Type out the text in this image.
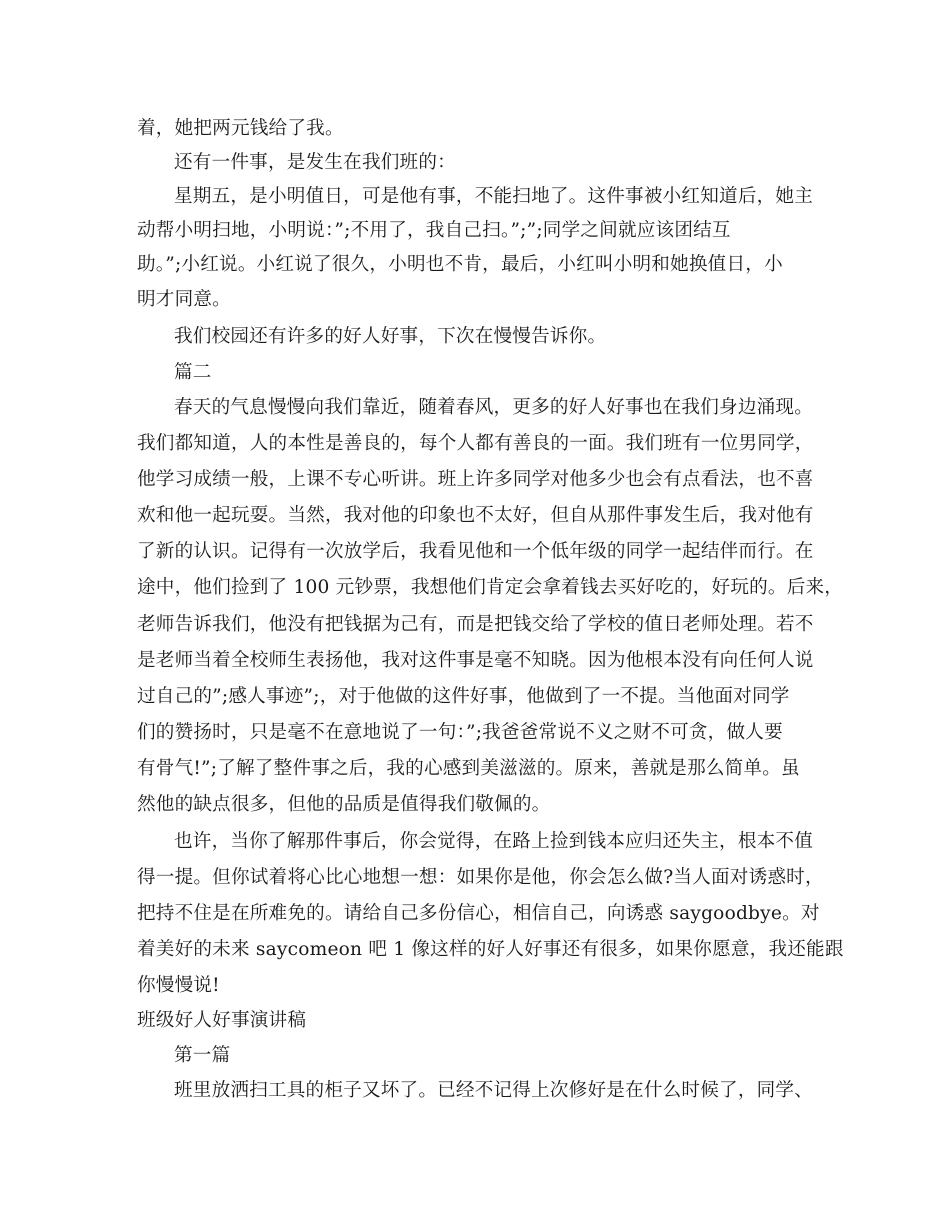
着，她把两元钱给了我。
还有一件事，是发生在我们班的：
星期五，是小明值日，可是他有事，不能扫地了。这件事被小红知道后，她主
动帮小明扫地，小明说：”;不用了，我自己扫。”;”;同学之间就应该团结互
助。”;小红说。小红说了很久，小明也不肯，最后，小红叫小明和她换值日，小
明才同意。
我们校园还有许多的好人好事，下次在慢慢告诉你。
篇二
春天的气息慢慢向我们靠近，随着春风，更多的好人好事也在我们身边涌现。
我们都知道，人的本性是善良的，每个人都有善良的一面。我们班有一位男同学，
他学习成绩一般，上课不专心听讲。班上许多同学对他多少也会有点看法，也不喜
欢和他一起玩耍。当然，我对他的印象也不太好，但自从那件事发生后，我对他有
了新的认识。记得有一次放学后，我看见他和一个低年级的同学一起结伴而行。在
途中，他们捡到了 100 元钞票，我想他们肯定会拿着钱去买好吃的，好玩的。后来，
老师告诉我们，他没有把钱据为己有，而是把钱交给了学校的值日老师处理。若不
是老师当着全校师生表扬他，我对这件事是毫不知晓。因为他根本没有向任何人说
过自己的”;感人事迹”;，对于他做的这件好事，他做到了一不提。当他面对同学
们的赞扬时，只是毫不在意地说了一句：”;我爸爸常说不义之财不可贪，做人要
有骨气!”;了解了整件事之后，我的心感到美滋滋的。原来，善就是那么简单。虽
然他的缺点很多，但他的品质是值得我们敬佩的。
也许，当你了解那件事后，你会觉得，在路上捡到钱本应归还失主，根本不值
得一提。但你试着将心比心地想一想：如果你是他，你会怎么做?当人面对诱惑时，
把持不住是在所难免的。请给自己多份信心，相信自己，向诱惑 saygoodbye。对
着美好的未来 saycomeon 吧 1 像这样的好人好事还有很多，如果你愿意，我还能跟
你慢慢说!
班级好人好事演讲稿
第一篇
班里放洒扫工具的柜子又坏了。已经不记得上次修好是在什么时候了，同学、
